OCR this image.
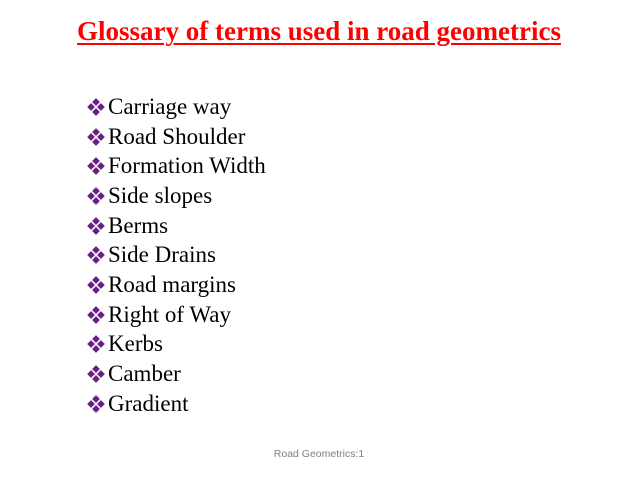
Glossary of terms used in road geometrics
Carriage way
Road Shoulder
Formation Width
Side slopes
Berms
Side Drains
Road margins
Right of Way
Kerbs
Camber
Gradient
Road Geometrics:1
